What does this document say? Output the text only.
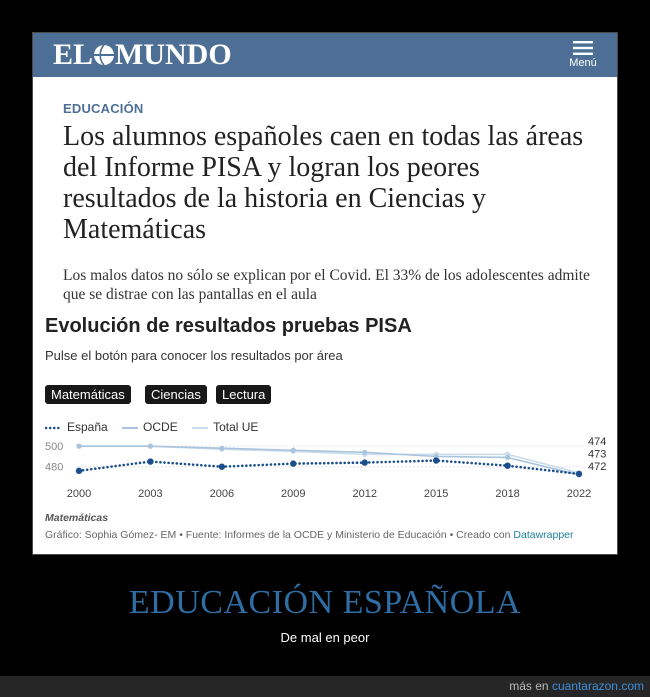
EL MUNDO	Menú
EDUCACIÓN
Los alumnos españoles caen en todas las áreas del Informe PISA y logran los peores resultados de la historia en Ciencias y Matemáticas

Los malos datos no sólo se explican por el Covid. El 33% de los adolescentes admite que se distrae con las pantallas en el aula

Evolución de resultados pruebas PISA
Pulse el botón para conocer los resultados por área
Matemáticas	Ciencias	Lectura
España	OCDE	Total UE
500
480
2000	2003	2006	2009	2012	2015	2018	2022
474
473
472
Matemáticas
Gráfico: Sophia Gómez- EM • Fuente: Informes de la OCDE y Ministerio de Educación • Creado con Datawrapper
EDUCACIÓN ESPAÑOLA
De mal en peor
más en cuantarazon.com
